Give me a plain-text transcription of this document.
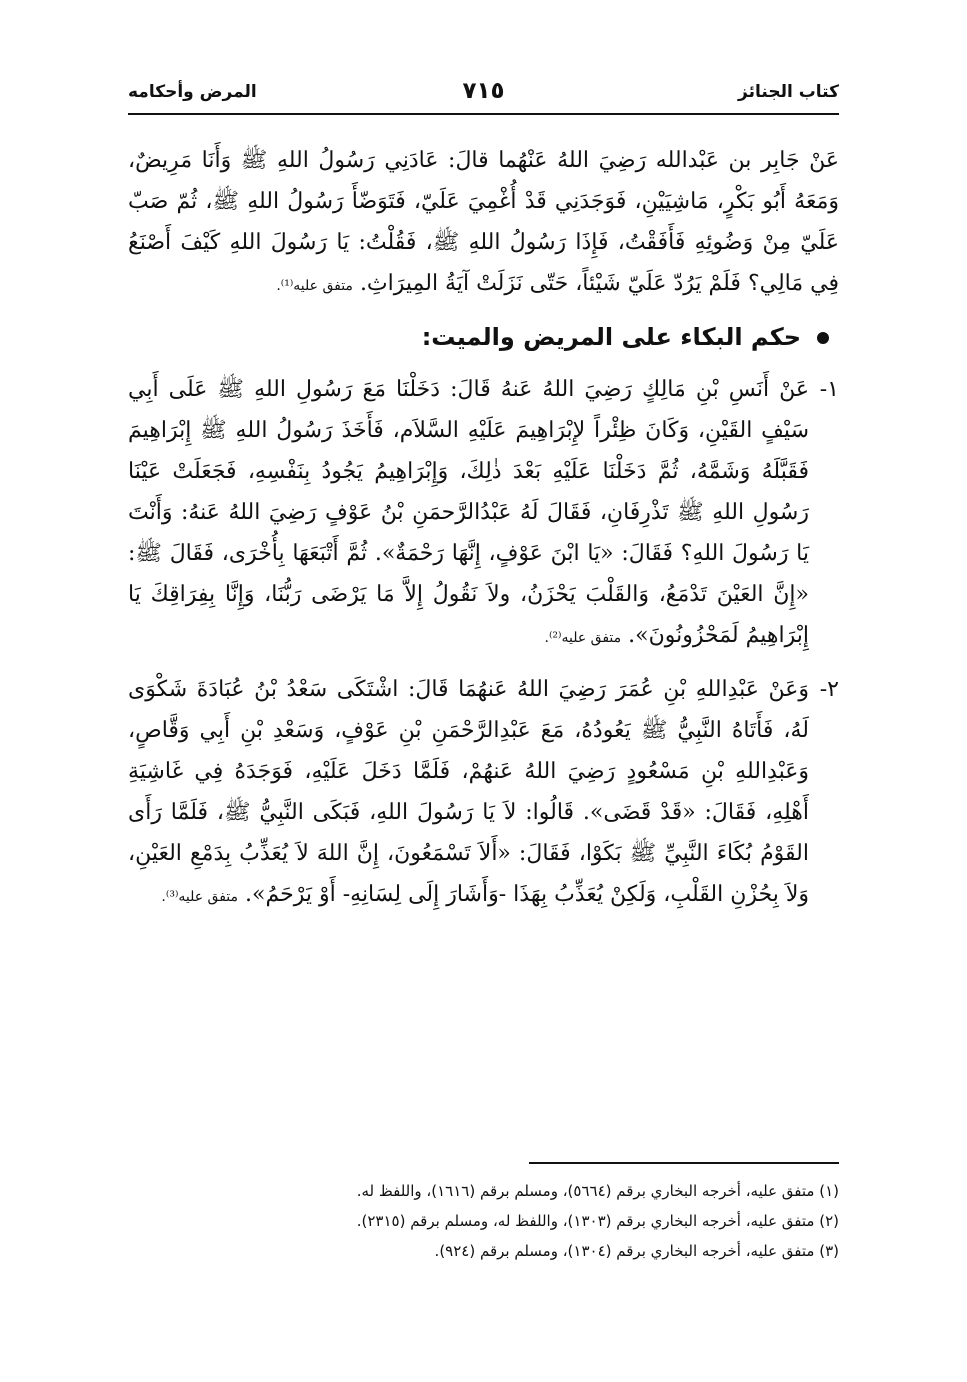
كتاب الجنائز
٧١٥
المرض وأحكامه

عَنْ جَابِر بن عَبْدالله رَضِيَ اللهُ عَنْهُما قالَ: عَادَنِي رَسُولُ اللهِ ﷺ وَأَنَا مَرِيضٌ، وَمَعَهُ أَبُو بَكْرٍ، مَاشِيَيْنِ، فَوَجَدَنِي قَدْ أُغْمِيَ عَلَيّ، فَتَوَضّأَ رَسُولُ اللهِ ﷺ، ثُمّ صَبّ عَلَيّ مِنْ وَضُوئِهِ فَأَفَقْتُ، فَإِذَا رَسُولُ اللهِ ﷺ، فَقُلْتُ: يَا رَسُولَ اللهِ كَيْفَ أَصْنَعُ فِي مَالِي؟ فَلَمْ يَرُدّ عَلَيّ شَيْئاً، حَتّى نَزَلَتْ آيَةُ المِيرَاثِ. متفق عليه⁽¹⁾.

حكم البكاء على المريض والميت:
١-

عَنْ أَنَسِ بْنِ مَالِكٍ رَضِيَ اللهُ عَنهُ قَالَ: دَخَلْنَا مَعَ رَسُولِ اللهِ ﷺ عَلَى أَبِي سَيْفٍ القَيْنِ، وَكَانَ ظِئْراً لإِبْرَاهِيمَ عَلَيْهِ السَّلاَم، فَأَخَذَ رَسُولُ اللهِ ﷺ إِبْرَاهِيمَ فَقَبَّلَهُ وَشَمَّهُ، ثُمَّ دَخَلْنَا عَلَيْهِ بَعْدَ ذٰلِكَ، وَإِبْرَاهِيمُ يَجُودُ بِنَفْسِهِ، فَجَعَلَتْ عَيْنَا رَسُولِ اللهِ ﷺ تَذْرِفَانِ، فَقَالَ لَهُ عَبْدُالرَّحمَنِ بْنُ عَوْفٍ رَضِيَ اللهُ عَنهُ: وَأَنْتَ يَا رَسُولَ اللهِ؟ فَقَالَ: «يَا ابْنَ عَوْفٍ، إِنَّهَا رَحْمَةٌ». ثُمَّ أَتْبَعَهَا بِأُخْرَى، فَقَالَ ﷺ: «إِنَّ العَيْنَ تَدْمَعُ، وَالقَلْبَ يَحْزَنُ، ولاَ نَقُولُ إِلاَّ مَا يَرْضَى رَبُّنَا، وَإِنَّا بِفِرَاقِكَ يَا إِبْرَاهِيمُ لَمَحْزُونُونَ». متفق عليه⁽²⁾.

٢-

وَعَنْ عَبْدِاللهِ بْنِ عُمَرَ رَضِيَ اللهُ عَنهُمَا قَالَ: اشْتَكَى سَعْدُ بْنُ عُبَادَةَ شَكْوَى لَهُ، فَأَتَاهُ النَّبِيُّ ﷺ يَعُودُهُ، مَعَ عَبْدِالرَّحْمَنِ بْنِ عَوْفٍ، وَسَعْدِ بْنِ أَبِي وَقَّاصٍ، وَعَبْدِاللهِ بْنِ مَسْعُودٍ رَضِيَ اللهُ عَنهُمْ، فَلَمَّا دَخَلَ عَلَيْهِ، فَوَجَدَهُ فِي غَاشِيَةِ أَهْلِهِ، فَقَالَ: «قَدْ قَضَى». قَالُوا: لاَ يَا رَسُولَ اللهِ، فَبَكَى النَّبِيُّ ﷺ، فَلَمَّا رَأَى القَوْمُ بُكَاءَ النَّبِيِّ ﷺ بَكَوْا، فَقَالَ: «أَلاَ تَسْمَعُونَ، إِنَّ اللهَ لاَ يُعَذِّبُ بِدَمْعِ العَيْنِ، وَلاَ بِحُزْنِ القَلْبِ، وَلَكِنْ يُعَذِّبُ بِهَذَا -وَأَشَارَ إِلَى لِسَانِهِ- أَوْ يَرْحَمُ». متفق عليه⁽³⁾.

(١) متفق عليه، أخرجه البخاري برقم (٥٦٦٤)، ومسلم برقم (١٦١٦)، واللفظ له.
(٢) متفق عليه، أخرجه البخاري برقم (١٣٠٣)، واللفظ له، ومسلم برقم (٢٣١٥).
(٣) متفق عليه، أخرجه البخاري برقم (١٣٠٤)، ومسلم برقم (٩٢٤).
